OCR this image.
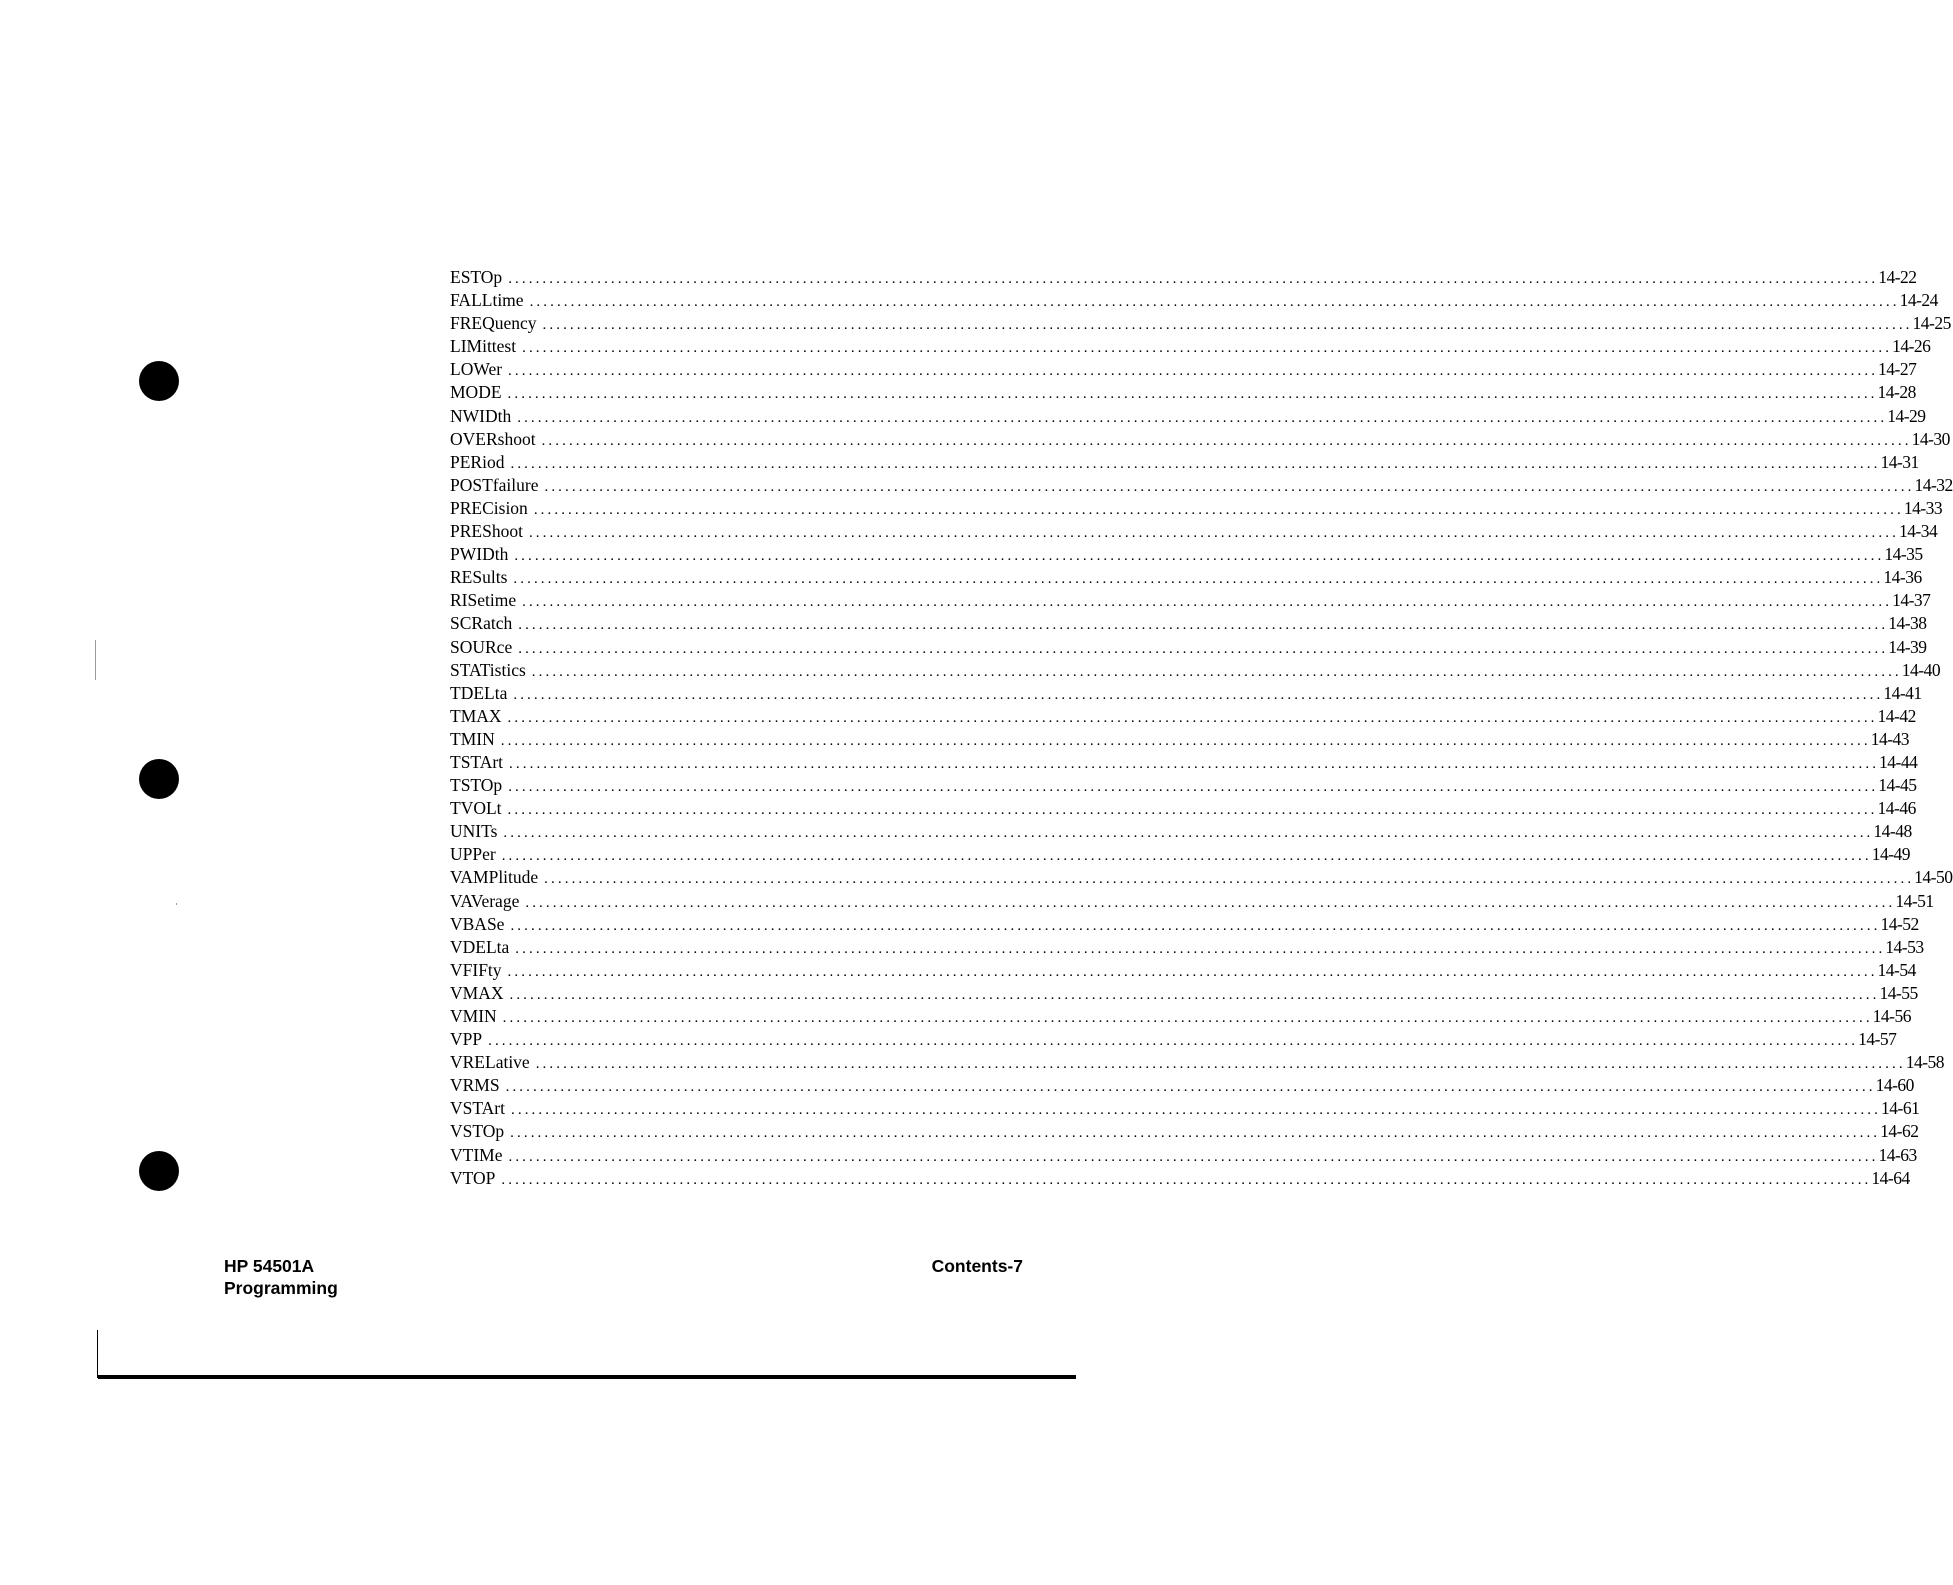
ESTOp ........................................................................................................................................................................................................ 14-22
FALLtime ........................................................................................................................................................................................................ 14-24
FREQuency ........................................................................................................................................................................................................ 14-25
LIMittest ........................................................................................................................................................................................................ 14-26
LOWer ........................................................................................................................................................................................................ 14-27
MODE ........................................................................................................................................................................................................ 14-28
NWIDth ........................................................................................................................................................................................................ 14-29
OVERshoot ........................................................................................................................................................................................................ 14-30
PERiod ........................................................................................................................................................................................................ 14-31
POSTfailure ........................................................................................................................................................................................................ 14-32
PRECision ........................................................................................................................................................................................................ 14-33
PREShoot ........................................................................................................................................................................................................ 14-34
PWIDth ........................................................................................................................................................................................................ 14-35
RESults ........................................................................................................................................................................................................ 14-36
RISetime ........................................................................................................................................................................................................ 14-37
SCRatch ........................................................................................................................................................................................................ 14-38
SOURce ........................................................................................................................................................................................................ 14-39
STATistics ........................................................................................................................................................................................................ 14-40
TDELta ........................................................................................................................................................................................................ 14-41
TMAX ........................................................................................................................................................................................................ 14-42
TMIN ........................................................................................................................................................................................................ 14-43
TSTArt ........................................................................................................................................................................................................ 14-44
TSTOp ........................................................................................................................................................................................................ 14-45
TVOLt ........................................................................................................................................................................................................ 14-46
UNITs ........................................................................................................................................................................................................ 14-48
UPPer ........................................................................................................................................................................................................ 14-49
VAMPlitude ........................................................................................................................................................................................................ 14-50
VAVerage ........................................................................................................................................................................................................ 14-51
VBASe ........................................................................................................................................................................................................ 14-52
VDELta ........................................................................................................................................................................................................ 14-53
VFIFty ........................................................................................................................................................................................................ 14-54
VMAX ........................................................................................................................................................................................................ 14-55
VMIN ........................................................................................................................................................................................................ 14-56
VPP ........................................................................................................................................................................................................ 14-57
VRELative ........................................................................................................................................................................................................ 14-58
VRMS ........................................................................................................................................................................................................ 14-60
VSTArt ........................................................................................................................................................................................................ 14-61
VSTOp ........................................................................................................................................................................................................ 14-62
VTIMe ........................................................................................................................................................................................................ 14-63
VTOP ........................................................................................................................................................................................................ 14-64
HP 54501A
Programming
Contents-7
